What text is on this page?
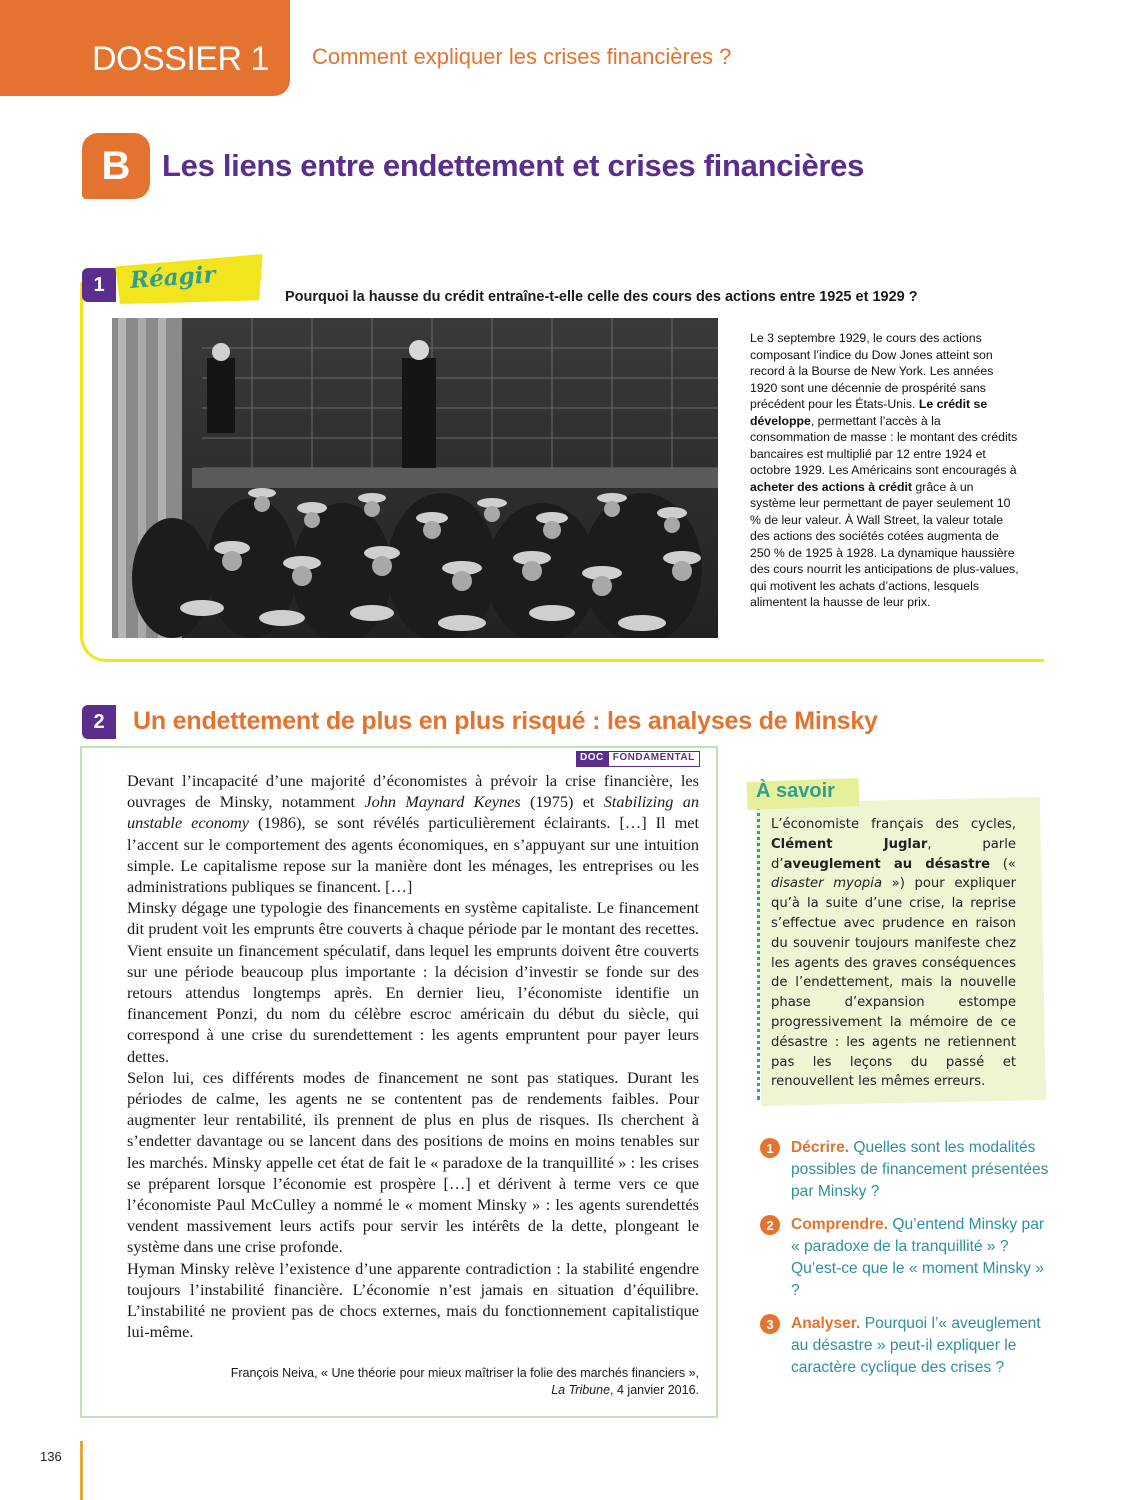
DOSSIER 1	Comment expliquer les crises financières ?
B	Les liens entre endettement et crises financières
1	Réagir
Pourquoi la hausse du crédit entraîne-t-elle celle des cours des actions entre 1925 et 1929 ?
Le 3 septembre 1929, le cours des actions composant l’indice du Dow Jones atteint son record à la Bourse de New York. Les années 1920 sont une décennie de prospérité sans précédent pour les États-Unis. Le crédit se développe, permettant l’accès à la consommation de masse : le montant des crédits bancaires est multiplié par 12 entre 1924 et octobre 1929. Les Américains sont encouragés à acheter des actions à crédit grâce à un système leur permettant de payer seulement 10 % de leur valeur. À Wall Street, la valeur totale des actions des sociétés cotées augmenta de 250 % de 1925 à 1928. La dynamique haussière des cours nourrit les anticipations de plus-values, qui motivent les achats d’actions, lesquels alimentent la hausse de leur prix.
2	Un endettement de plus en plus risqué : les analyses de Minsky
DOC FONDAMENTAL

Devant l’incapacité d’une majorité d’économistes à prévoir la crise financière, les ouvrages de Minsky, notamment John Maynard Keynes (1975) et Stabilizing an unstable economy (1986), se sont révélés particulièrement éclairants. […] Il met l’accent sur le comportement des agents économiques, en s’appuyant sur une intuition simple. Le capitalisme repose sur la manière dont les ménages, les entreprises ou les administrations publiques se financent. […]

Minsky dégage une typologie des financements en système capitaliste. Le financement dit prudent voit les emprunts être couverts à chaque période par le montant des recettes. Vient ensuite un financement spéculatif, dans lequel les emprunts doivent être couverts sur une période beaucoup plus importante : la décision d’investir se fonde sur des retours attendus longtemps après. En dernier lieu, l’économiste identifie un financement Ponzi, du nom du célèbre escroc américain du début du siècle, qui correspond à une crise du surendettement : les agents empruntent pour payer leurs dettes.

Selon lui, ces différents modes de financement ne sont pas statiques. Durant les périodes de calme, les agents ne se contentent pas de rendements faibles. Pour augmenter leur rentabilité, ils prennent de plus en plus de risques. Ils cherchent à s’endetter davantage ou se lancent dans des positions de moins en moins tenables sur les marchés. Minsky appelle cet état de fait le « paradoxe de la tranquillité » : les crises se préparent lorsque l’économie est prospère […] et dérivent à terme vers ce que l’économiste Paul McCulley a nommé le « moment Minsky » : les agents surendettés vendent massivement leurs actifs pour servir les intérêts de la dette, plongeant le système dans une crise profonde.

Hyman Minsky relève l’existence d’une apparente contradiction : la stabilité engendre toujours l’instabilité financière. L’économie n’est jamais en situation d’équilibre. L’instabilité ne provient pas de chocs externes, mais du fonctionnement capitalistique lui-même.

François Neiva, « Une théorie pour mieux maîtriser la folie des marchés financiers »,
La Tribune, 4 janvier 2016.
À savoir
L’économiste français des cycles, Clément Juglar, parle d’aveuglement au désastre (« disaster myopia ») pour expliquer qu’à la suite d’une crise, la reprise s’effectue avec prudence en raison du souvenir toujours manifeste chez les agents des graves conséquences de l’endettement, mais la nouvelle phase d’expansion estompe progressivement la mémoire de ce désastre : les agents ne retiennent pas les leçons du passé et renouvellent les mêmes erreurs.
1	Décrire. Quelles sont les modalités possibles de financement présentées par Minsky ?
2	Comprendre. Qu’entend Minsky par « paradoxe de la tranquillité » ? Qu’est-ce que le « moment Minsky » ?
3	Analyser. Pourquoi l’« aveuglement au désastre » peut-il expliquer le caractère cyclique des crises ?
136
